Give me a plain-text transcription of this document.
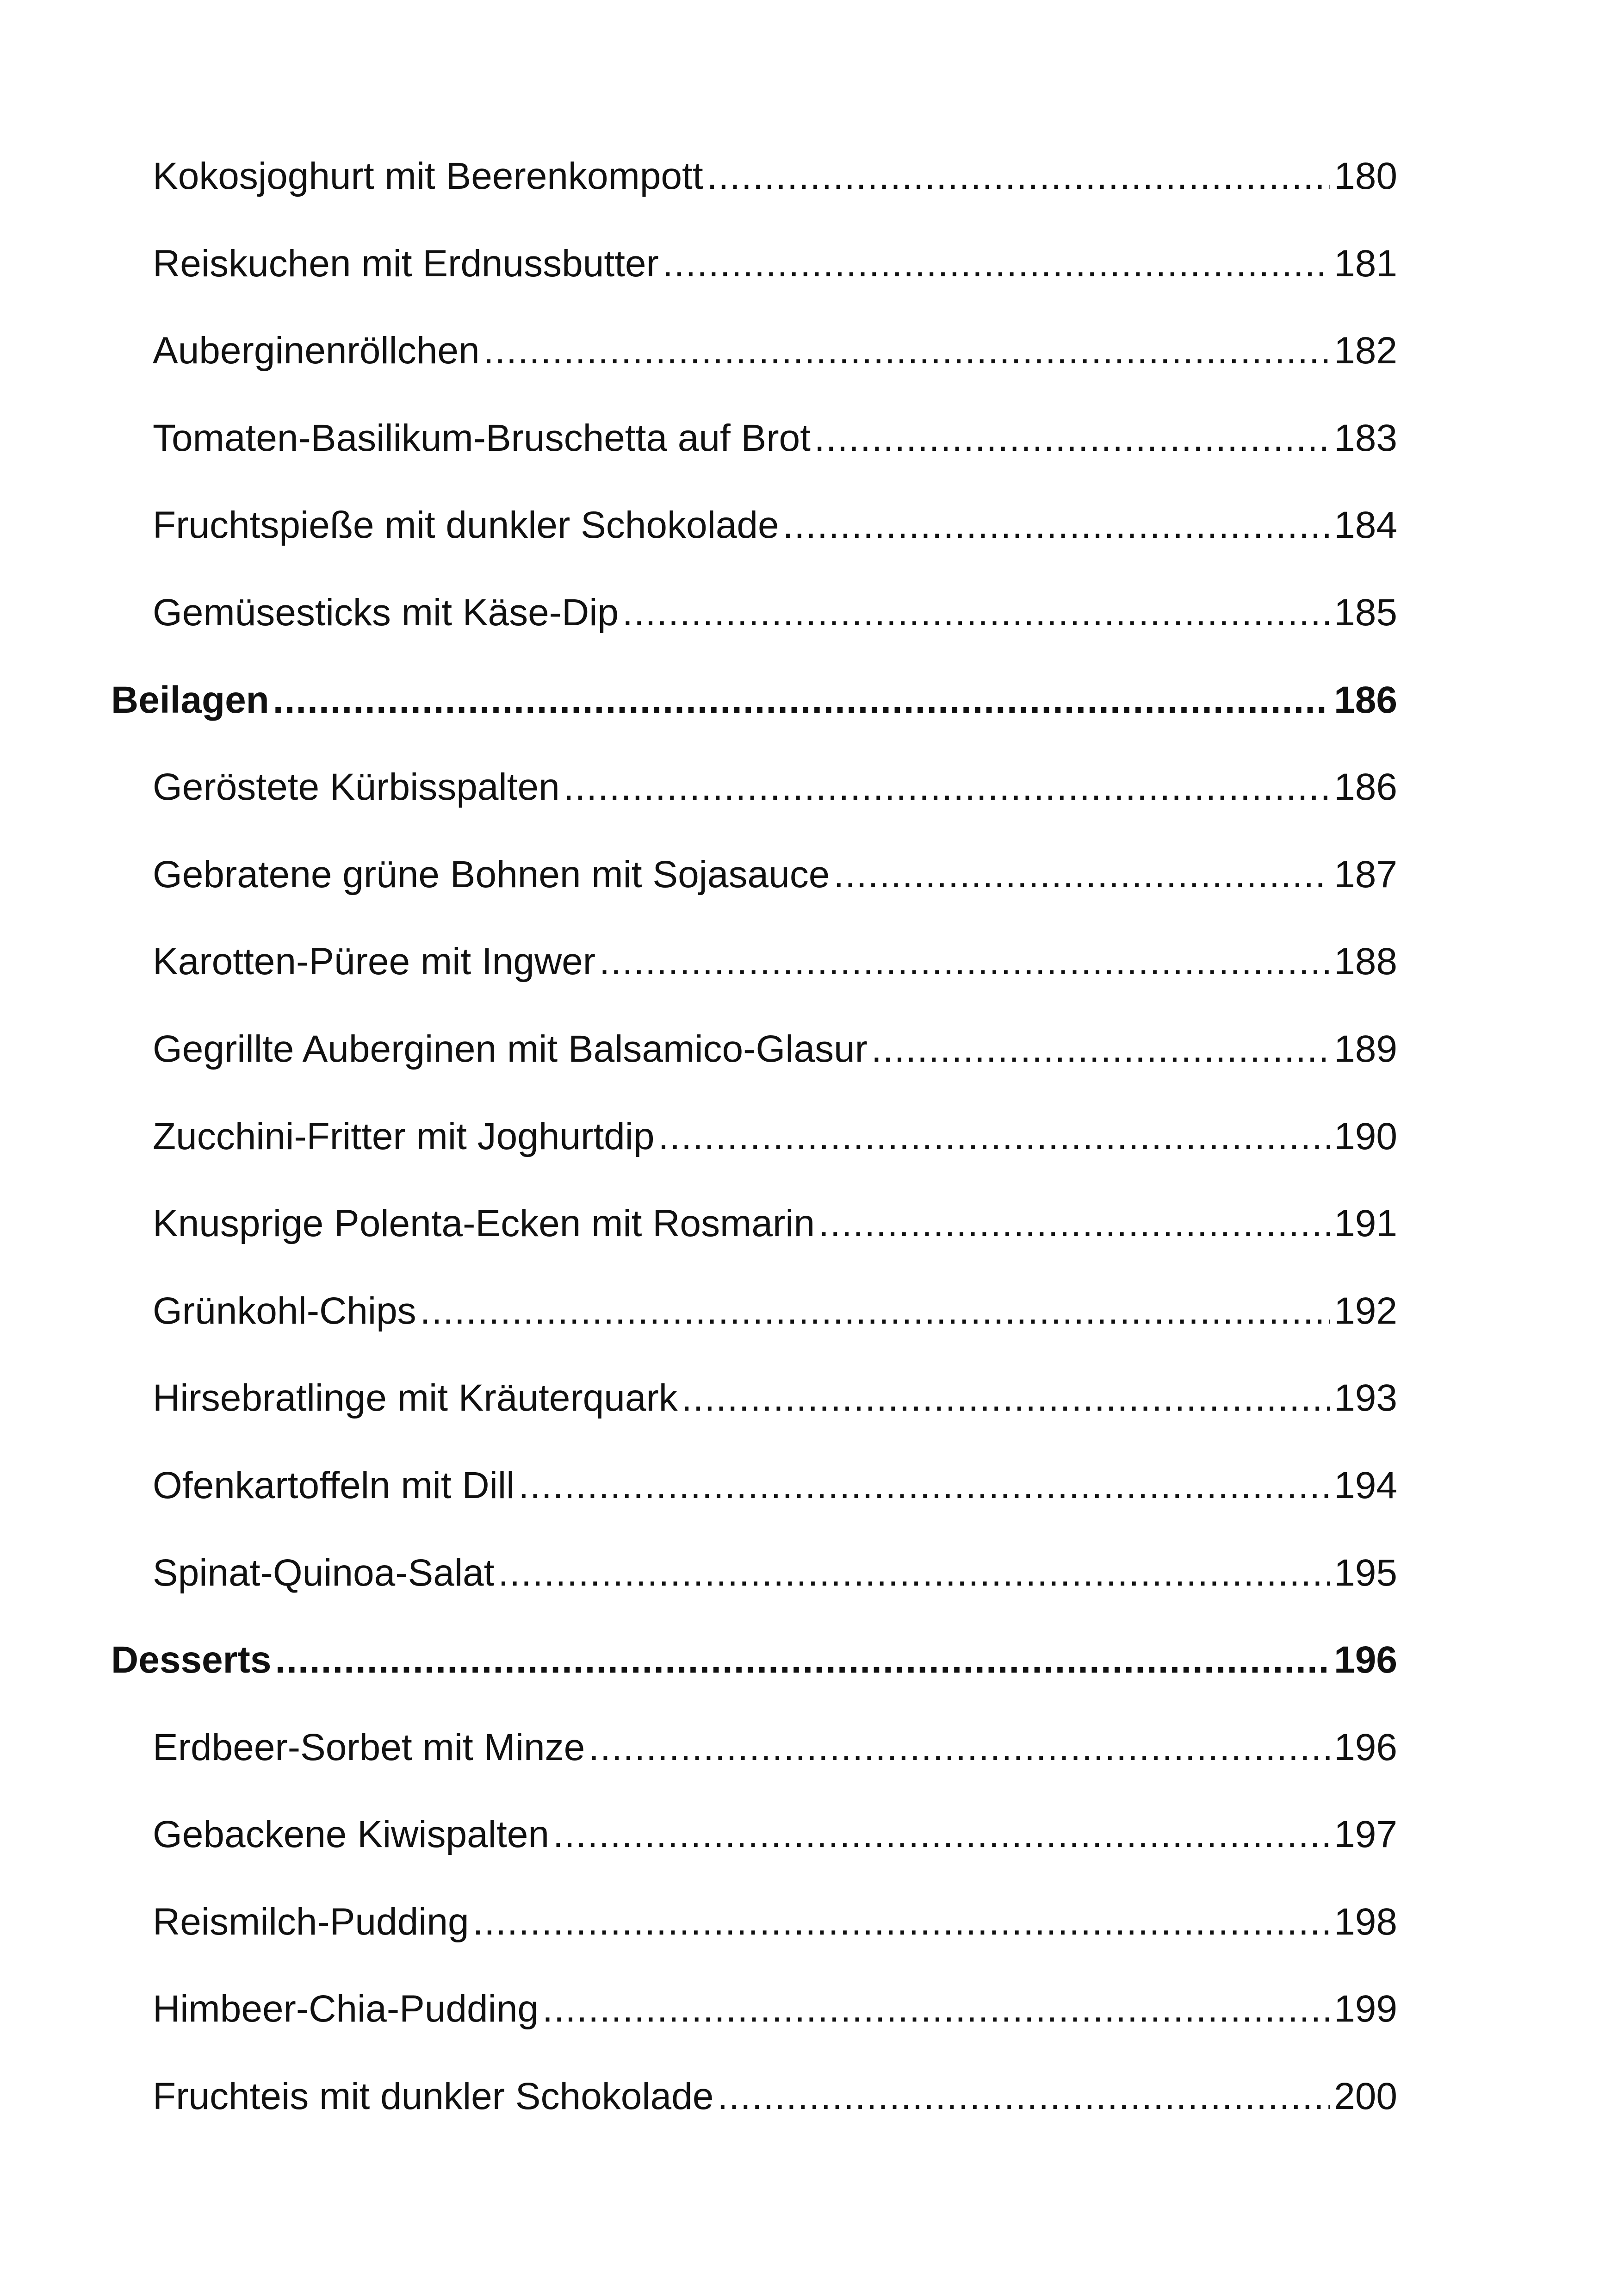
Kokosjoghurt mit Beerenkompott .....	180
Reiskuchen mit Erdnussbutter .....	181
Auberginenröllchen .....	182
Tomaten-Basilikum-Bruschetta auf Brot .....	183
Fruchtspieße mit dunkler Schokolade .....	184
Gemüsesticks mit Käse-Dip .....	185
Beilagen .....	186
Geröstete Kürbisspalten .....	186
Gebratene grüne Bohnen mit Sojasauce .....	187
Karotten-Püree mit Ingwer .....	188
Gegrillte Auberginen mit Balsamico-Glasur .....	189
Zucchini-Fritter mit Joghurtdip .....	190
Knusprige Polenta-Ecken mit Rosmarin .....	191
Grünkohl-Chips .....	192
Hirsebratlinge mit Kräuterquark .....	193
Ofenkartoffeln mit Dill .....	194
Spinat-Quinoa-Salat .....	195
Desserts .....	196
Erdbeer-Sorbet mit Minze .....	196
Gebackene Kiwispalten .....	197
Reismilch-Pudding .....	198
Himbeer-Chia-Pudding .....	199
Fruchteis mit dunkler Schokolade .....	200
